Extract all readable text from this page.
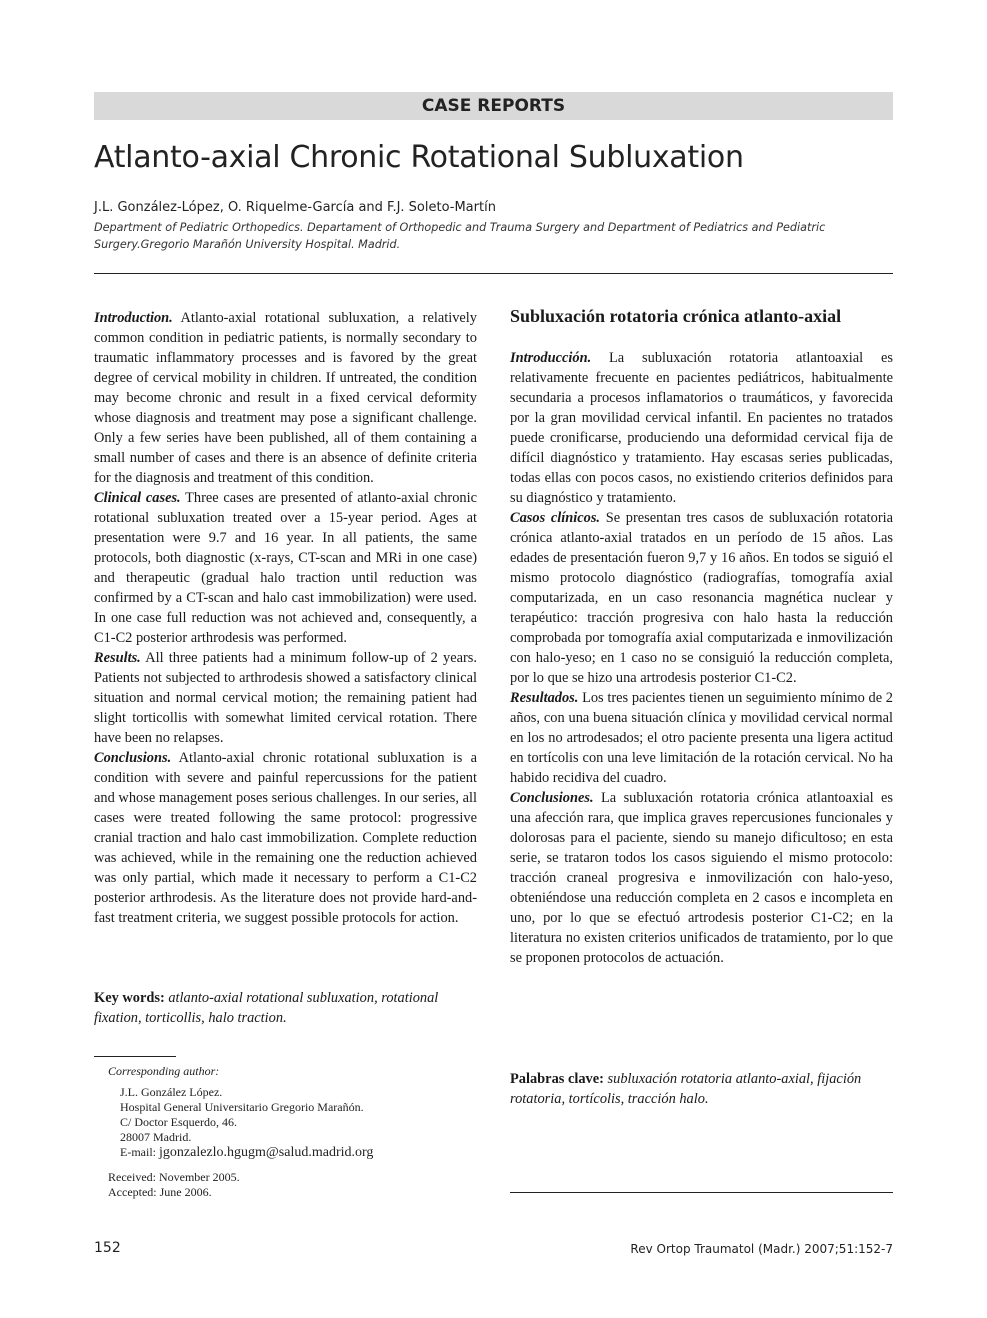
CASE REPORTS
Atlanto-axial Chronic Rotational Subluxation
J.L. González-López, O. Riquelme-García and F.J. Soleto-Martín
Department of Pediatric Orthopedics. Departament of Orthopedic and Trauma Surgery and Department of Pediatrics and Pediatric Surgery.Gregorio Marañón University Hospital. Madrid.

Introduction. Atlanto-axial rotational subluxation, a relatively common condition in pediatric patients, is normally secondary to traumatic inflammatory processes and is favored by the great degree of cervical mobility in children. If untreated, the condition may become chronic and result in a fixed cervical deformity whose diagnosis and treatment may pose a significant challenge. Only a few series have been published, all of them containing a small number of cases and there is an absence of definite criteria for the diagnosis and treatment of this condition.

Clinical cases. Three cases are presented of atlanto-axial chronic rotational subluxation treated over a 15-year period. Ages at presentation were 9.7 and 16 year. In all patients, the same protocols, both diagnostic (x-rays, CT-scan and MRi in one case) and therapeutic (gradual halo traction until reduction was confirmed by a CT-scan and halo cast immobilization) were used. In one case full reduction was not achieved and, consequently, a C1-C2 posterior arthrodesis was performed.

Results. All three patients had a minimum follow-up of 2 years. Patients not subjected to arthrodesis showed a satisfactory clinical situation and normal cervical motion; the remaining patient had slight torticollis with somewhat limited cervical rotation. There have been no relapses.

Conclusions. Atlanto-axial chronic rotational subluxation is a condition with severe and painful repercussions for the patient and whose management poses serious challenges. In our series, all cases were treated following the same protocol: progressive cranial traction and halo cast immobilization. Complete reduction was achieved, while in the remaining one the reduction achieved was only partial, which made it necessary to perform a C1-C2 posterior arthrodesis. As the literature does not provide hard-and-fast treatment criteria, we suggest possible protocols for action.

Key words: atlanto-axial rotational subluxation, rotational fixation, torticollis, halo traction.
Corresponding author:
J.L. González López.
Hospital General Universitario Gregorio Marañón.
C/ Doctor Esquerdo, 46.
28007 Madrid.
E-mail: jgonzalezlo.hgugm@salud.madrid.org
Received: November 2005.
Accepted: June 2006.
Subluxación rotatoria crónica atlanto-axial

Introducción. La subluxación rotatoria atlantoaxial es relativamente frecuente en pacientes pediátricos, habitualmente secundaria a procesos inflamatorios o traumáticos, y favorecida por la gran movilidad cervical infantil. En pacientes no tratados puede cronificarse, produciendo una deformidad cervical fija de difícil diagnóstico y tratamiento. Hay escasas series publicadas, todas ellas con pocos casos, no existiendo criterios definidos para su diagnóstico y tratamiento.

Casos clínicos. Se presentan tres casos de subluxación rotatoria crónica atlanto-axial tratados en un período de 15 años. Las edades de presentación fueron 9,7 y 16 años. En todos se siguió el mismo protocolo diagnóstico (radiografías, tomografía axial computarizada, en un caso resonancia magnética nuclear y terapéutico: tracción progresiva con halo hasta la reducción comprobada por tomografía axial computarizada e inmovilización con halo-yeso; en 1 caso no se consiguió la reducción completa, por lo que se hizo una artrodesis posterior C1-C2.

Resultados. Los tres pacientes tienen un seguimiento mínimo de 2 años, con una buena situación clínica y movilidad cervical normal en los no artrodesados; el otro paciente presenta una ligera actitud en tortícolis con una leve limitación de la rotación cervical. No ha habido recidiva del cuadro.

Conclusiones. La subluxación rotatoria crónica atlantoaxial es una afección rara, que implica graves repercusiones funcionales y dolorosas para el paciente, siendo su manejo dificultoso; en esta serie, se trataron todos los casos siguiendo el mismo protocolo: tracción craneal progresiva e inmovilización con halo-yeso, obteniéndose una reducción completa en 2 casos e incompleta en uno, por lo que se efectuó artrodesis posterior C1-C2; en la literatura no existen criterios unificados de tratamiento, por lo que se proponen protocolos de actuación.

Palabras clave: subluxación rotatoria atlanto-axial, fijación rotatoria, tortícolis, tracción halo.
152	Rev Ortop Traumatol (Madr.) 2007;51:152-7
